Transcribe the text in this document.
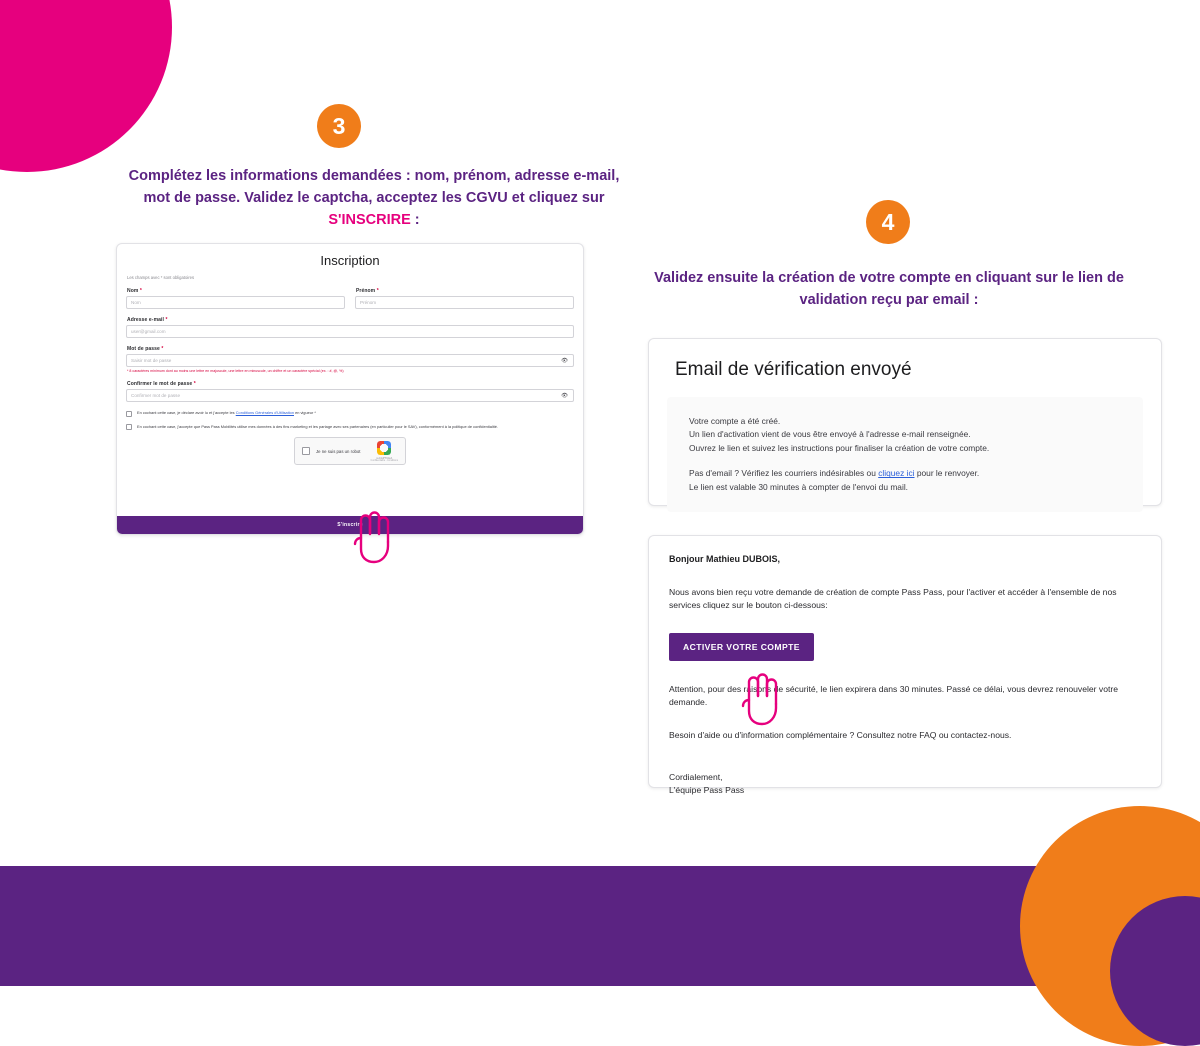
3
Complétez les informations demandées : nom, prénom, adresse e-mail,
mot de passe. Validez le captcha, acceptez les CGVU et cliquez sur
S'INSCRIRE :
Inscription
Les champs avec * sont obligatoires
Nom *
Nom
Prénom *
Prénom
Adresse e-mail *
user@gmail.com
Mot de passe *
Saisir mot de passe	👁
* 8 caractères minimum dont au moins une lettre en majuscule, une lettre en minuscule, un chiffre et un caractère spécial (ex. : #, @, %)
Confirmer le mot de passe *
Confirmer mot de passe	👁
En cochant cette case, je déclare avoir lu et j'accepte les Conditions Générales d'Utilisation en vigueur *
En cochant cette case, j'accepte que Pass Pass Mobilités utilise mes données à des fins marketing et les partage avec ses partenaires (en particulier pour le SAV), conformément à la politique de confidentialité.
Je ne suis pas un robot
reCAPTCHA
Confidentialité - Conditions
S'inscrire
4
Validez ensuite la création de votre compte en cliquant sur le lien de
validation reçu par email :
Email de vérification envoyé

Votre compte a été créé.
Un lien d'activation vient de vous être envoyé à l'adresse e-mail renseignée.
Ouvrez le lien et suivez les instructions pour finaliser la création de votre compte.

Pas d'email ? Vérifiez les courriers indésirables ou cliquez ici pour le renvoyer.
Le lien est valable 30 minutes à compter de l'envoi du mail.

Bonjour Mathieu DUBOIS,
Nous avons bien reçu votre demande de création de compte Pass Pass, pour l'activer et accéder à l'ensemble de nos services cliquez sur le bouton ci-dessous:
ACTIVER VOTRE COMPTE
Attention, pour des raisons de sécurité, le lien expirera dans 30 minutes. Passé ce délai, vous devrez renouveler votre demande.
Besoin d'aide ou d'information complémentaire ? Consultez notre FAQ ou contactez-nous.
Cordialement,
L'équipe Pass Pass
